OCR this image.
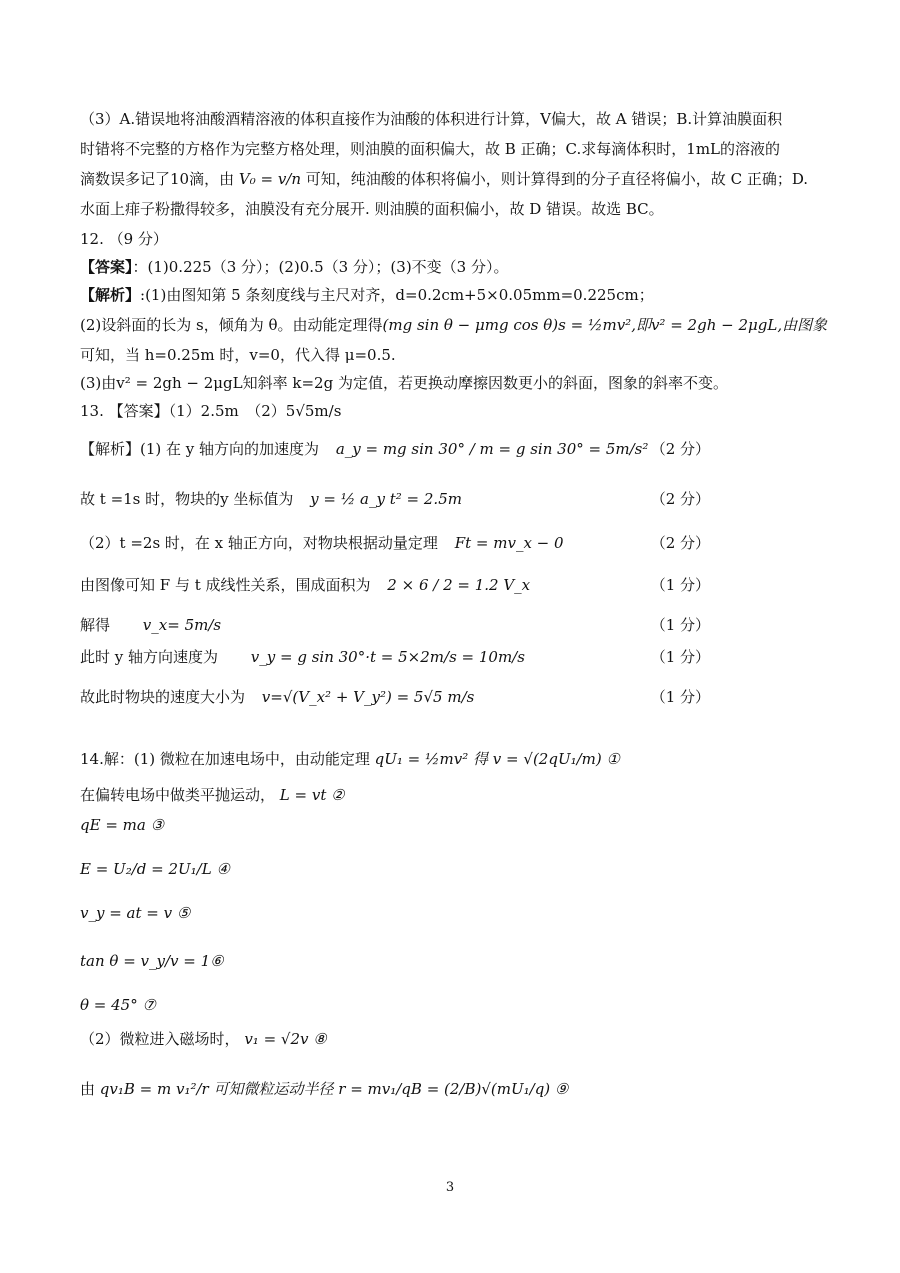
（3）A.错误地将油酸酒精溶液的体积直接作为油酸的体积进行计算，V偏大，故 A 错误；B.计算油膜面积
时错将不完整的方格作为完整方格处理，则油膜的面积偏大，故 B 正确；C.求每滴体积时，1mL的溶液的
滴数误多记了10滴，由 V₀ = v/n 可知，纯油酸的体积将偏小，则计算得到的分子直径将偏小，故 C 正确；D.
水面上痱子粉撒得较多，油膜没有充分展开. 则油膜的面积偏小，故 D 错误。故选 BC。
12. （9 分）
【答案】：(1)0.225（3 分）；(2)0.5（3 分）；(3)不变（3 分）。
【解析】:(1)由图知第 5 条刻度线与主尺对齐，d=0.2cm+5×0.05mm=0.225cm；
(2)设斜面的长为 s，倾角为 θ。由动能定理得(mg sin θ − μmg cos θ)s = ½mv²,即v² = 2gh − 2μgL,由图象
可知，当 h=0.25m 时，v=0，代入得 μ=0.5.
(3)由v² = 2gh − 2μgL知斜率 k=2g 为定值，若更换动摩擦因数更小的斜面，图象的斜率不变。
13. 【答案】（1）2.5m　（2）5√5m/s
【解析】(1) 在 y 轴方向的加速度为 a_y = mg sin 30° / m = g sin 30° = 5m/s² （2 分）
故 t =1s 时，物块的y 坐标值为 y = ½ a_y t² = 2.5m	（2 分）
（2）t =2s 时，在 x 轴正方向，对物块根据动量定理 Ft = mv_x − 0	（2 分）
由图像可知 F 与 t 成线性关系，围成面积为 2 × 6 / 2 = 1.2 V_x	（1 分）
解得 v_x= 5m/s	（1 分）
此时 y 轴方向速度为 v_y = g sin 30°·t = 5×2m/s = 10m/s	（1 分）
故此时物块的速度大小为 v=√(V_x² + V_y²) = 5√5 m/s	（1 分）
14.解：(1) 微粒在加速电场中，由动能定理 qU₁ = ½mv² 得 v = √(2qU₁/m) ①
在偏转电场中做类平抛运动， L = vt ②
qE = ma ③
E = U₂/d = 2U₁/L ④
v_y = at = v ⑤
tan θ = v_y/v = 1⑥
θ = 45° ⑦
（2）微粒进入磁场时， v₁ = √2v ⑧
由 qv₁B = m v₁²/r 可知微粒运动半径 r = mv₁/qB = (2/B)√(mU₁/q) ⑨
3
